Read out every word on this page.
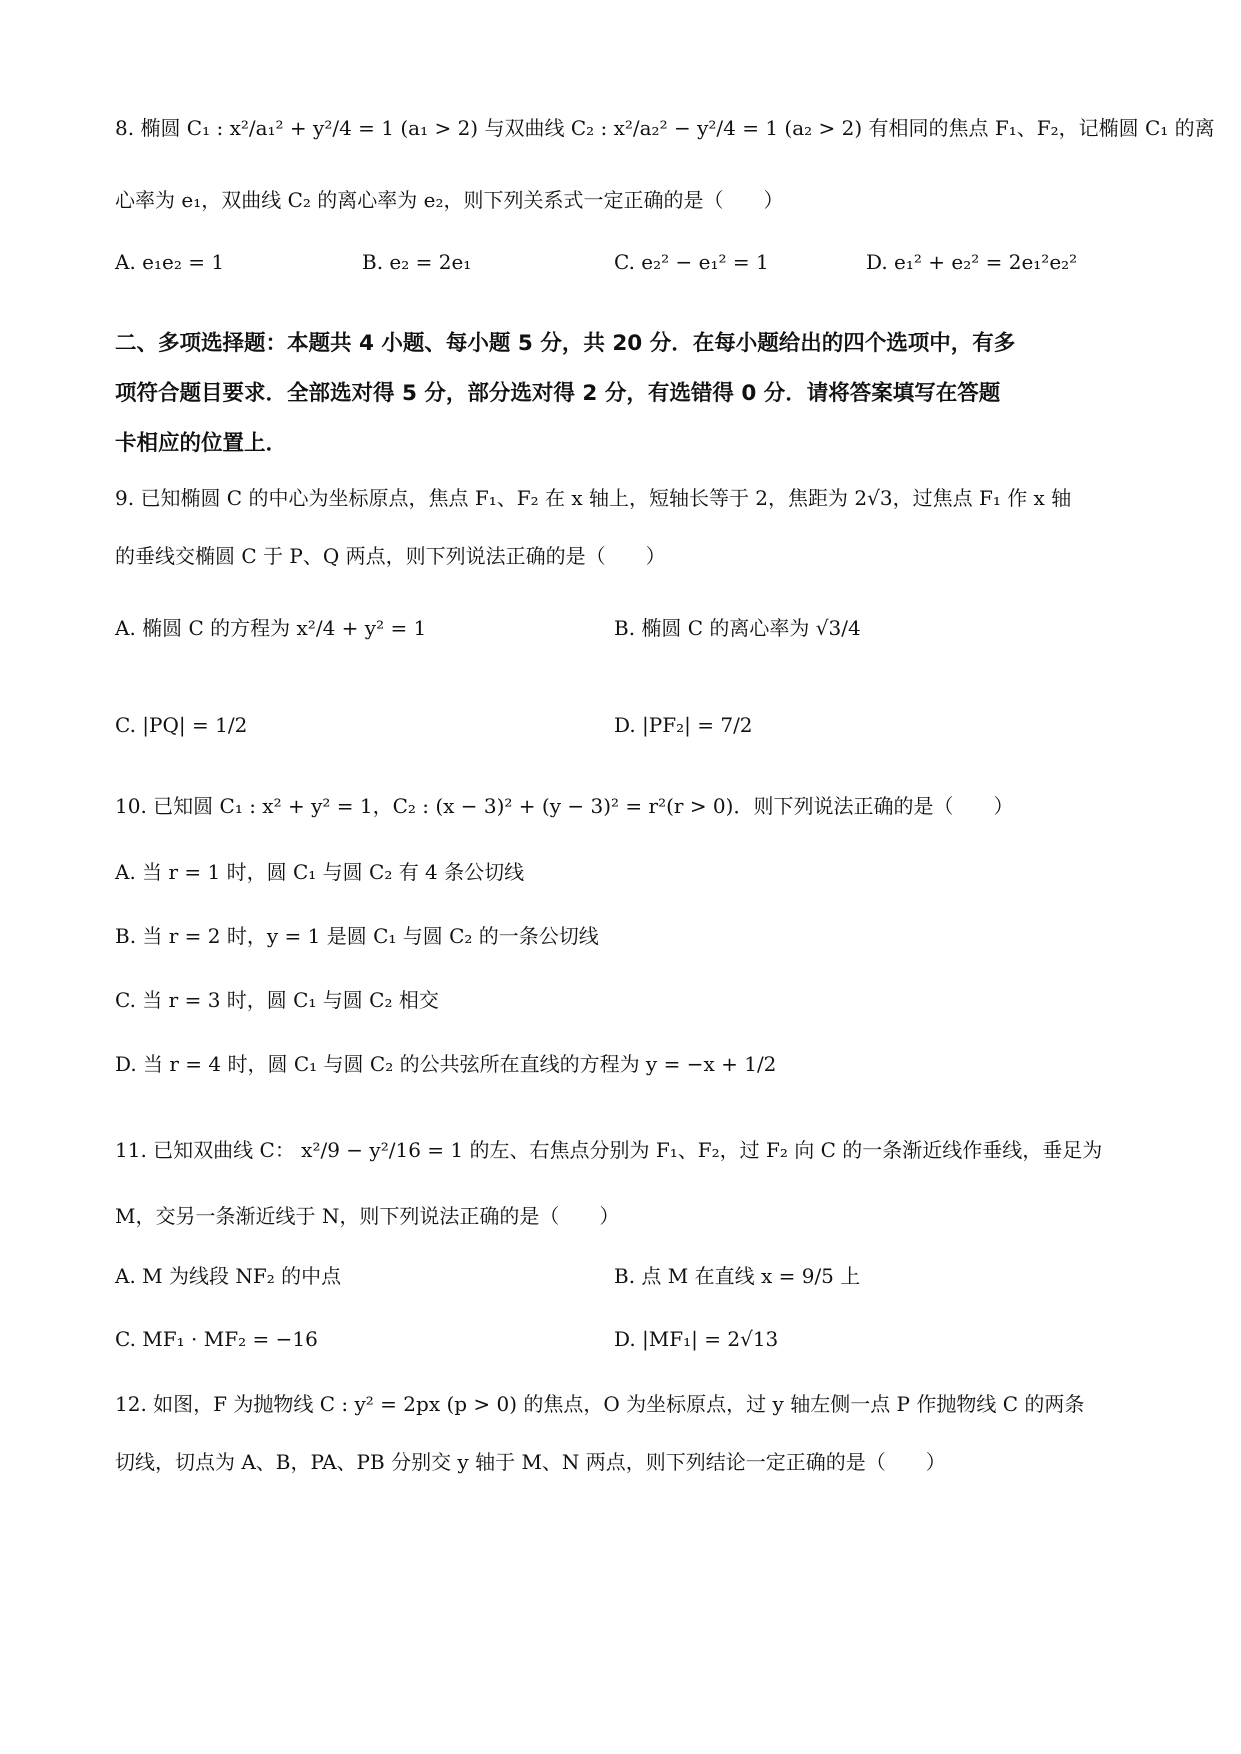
8. 椭圆 C₁ : x²/a₁² + y²/4 = 1 (a₁ > 2) 与双曲线 C₂ : x²/a₂² − y²/4 = 1 (a₂ > 2) 有相同的焦点 F₁、F₂，记椭圆 C₁ 的离
心率为 e₁，双曲线 C₂ 的离心率为 e₂，则下列关系式一定正确的是（　　）
A. e₁e₂ = 1	B. e₂ = 2e₁	C. e₂² − e₁² = 1	D. e₁² + e₂² = 2e₁²e₂²
二、多项选择题：本题共 4 小题、每小题 5 分，共 20 分．在每小题给出的四个选项中，有多
项符合题目要求．全部选对得 5 分，部分选对得 2 分，有选错得 0 分．请将答案填写在答题
卡相应的位置上．
9. 已知椭圆 C 的中心为坐标原点，焦点 F₁、F₂ 在 x 轴上，短轴长等于 2，焦距为 2√3，过焦点 F₁ 作 x 轴
的垂线交椭圆 C 于 P、Q 两点，则下列说法正确的是（　　）
A. 椭圆 C 的方程为 x²/4 + y² = 1	B. 椭圆 C 的离心率为 √3/4
C. |PQ| = 1/2	D. |PF₂| = 7/2
10. 已知圆 C₁ : x² + y² = 1，C₂ : (x − 3)² + (y − 3)² = r²(r > 0)．则下列说法正确的是（　　）
A. 当 r = 1 时，圆 C₁ 与圆 C₂ 有 4 条公切线
B. 当 r = 2 时，y = 1 是圆 C₁ 与圆 C₂ 的一条公切线
C. 当 r = 3 时，圆 C₁ 与圆 C₂ 相交
D. 当 r = 4 时，圆 C₁ 与圆 C₂ 的公共弦所在直线的方程为 y = −x + 1/2
11. 已知双曲线 C： x²/9 − y²/16 = 1 的左、右焦点分别为 F₁、F₂，过 F₂ 向 C 的一条渐近线作垂线，垂足为
M，交另一条渐近线于 N，则下列说法正确的是（　　）
A. M 为线段 NF₂ 的中点	B. 点 M 在直线 x = 9/5 上
C. MF₁ · MF₂ = −16	D. |MF₁| = 2√13
12. 如图，F 为抛物线 C : y² = 2px (p > 0) 的焦点，O 为坐标原点，过 y 轴左侧一点 P 作抛物线 C 的两条
切线，切点为 A、B，PA、PB 分别交 y 轴于 M、N 两点，则下列结论一定正确的是（　　）
